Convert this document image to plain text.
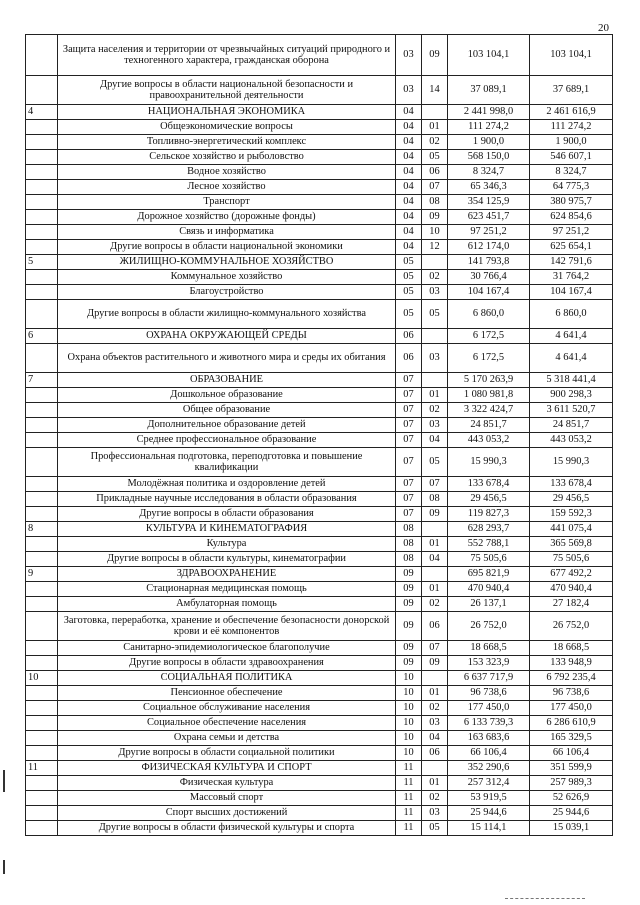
20
	Защита населения и территории от чрезвычайных ситуаций природного и техногенного характера, гражданская оборона	03	09	103 104,1	103 104,1
	Другие вопросы в области национальной безопасности и правоохранительной деятельности	03	14	37 089,1	37 689,1
4	НАЦИОНАЛЬНАЯ ЭКОНОМИКА	04		2 441 998,0	2 461 616,9
	Общеэкономические вопросы	04	01	111 274,2	111 274,2
	Топливно-энергетический комплекс	04	02	1 900,0	1 900,0
	Сельское хозяйство и рыболовство	04	05	568 150,0	546 607,1
	Водное хозяйство	04	06	8 324,7	8 324,7
	Лесное хозяйство	04	07	65 346,3	64 775,3
	Транспорт	04	08	354 125,9	380 975,7
	Дорожное хозяйство (дорожные фонды)	04	09	623 451,7	624 854,6
	Связь и информатика	04	10	97 251,2	97 251,2
	Другие вопросы в области национальной экономики	04	12	612 174,0	625 654,1
5	ЖИЛИЩНО-КОММУНАЛЬНОЕ ХОЗЯЙСТВО	05		141 793,8	142 791,6
	Коммунальное хозяйство	05	02	30 766,4	31 764,2
	Благоустройство	05	03	104 167,4	104 167,4
	Другие вопросы в области жилищно-коммунального хозяйства	05	05	6 860,0	6 860,0
6	ОХРАНА ОКРУЖАЮЩЕЙ СРЕДЫ	06		6 172,5	4 641,4
	Охрана объектов растительного и животного мира и среды их обитания	06	03	6 172,5	4 641,4
7	ОБРАЗОВАНИЕ	07		5 170 263,9	5 318 441,4
	Дошкольное образование	07	01	1 080 981,8	900 298,3
	Общее образование	07	02	3 322 424,7	3 611 520,7
	Дополнительное образование детей	07	03	24 851,7	24 851,7
	Среднее профессиональное образование	07	04	443 053,2	443 053,2
	Профессиональная подготовка, переподготовка и повышение квалификации	07	05	15 990,3	15 990,3
	Молодёжная политика и оздоровление детей	07	07	133 678,4	133 678,4
	Прикладные научные исследования в области образования	07	08	29 456,5	29 456,5
	Другие вопросы в области образования	07	09	119 827,3	159 592,3
8	КУЛЬТУРА И КИНЕМАТОГРАФИЯ	08		628 293,7	441 075,4
	Культура	08	01	552 788,1	365 569,8
	Другие вопросы в области культуры, кинематографии	08	04	75 505,6	75 505,6
9	ЗДРАВООХРАНЕНИЕ	09		695 821,9	677 492,2
	Стационарная медицинская помощь	09	01	470 940,4	470 940,4
	Амбулаторная помощь	09	02	26 137,1	27 182,4
	Заготовка, переработка, хранение и обеспечение безопасности донорской крови и её компонентов	09	06	26 752,0	26 752,0
	Санитарно-эпидемиологическое благополучие	09	07	18 668,5	18 668,5
	Другие вопросы в области здравоохранения	09	09	153 323,9	133 948,9
10	СОЦИАЛЬНАЯ ПОЛИТИКА	10		6 637 717,9	6 792 235,4
	Пенсионное обеспечение	10	01	96 738,6	96 738,6
	Социальное обслуживание населения	10	02	177 450,0	177 450,0
	Социальное обеспечение населения	10	03	6 133 739,3	6 286 610,9
	Охрана семьи и детства	10	04	163 683,6	165 329,5
	Другие вопросы в области социальной политики	10	06	66 106,4	66 106,4
11	ФИЗИЧЕСКАЯ КУЛЬТУРА И СПОРТ	11		352 290,6	351 599,9
	Физическая культура	11	01	257 312,4	257 989,3
	Массовый спорт	11	02	53 919,5	52 626,9
	Спорт высших достижений	11	03	25 944,6	25 944,6
	Другие вопросы в области физической культуры и спорта	11	05	15 114,1	15 039,1
